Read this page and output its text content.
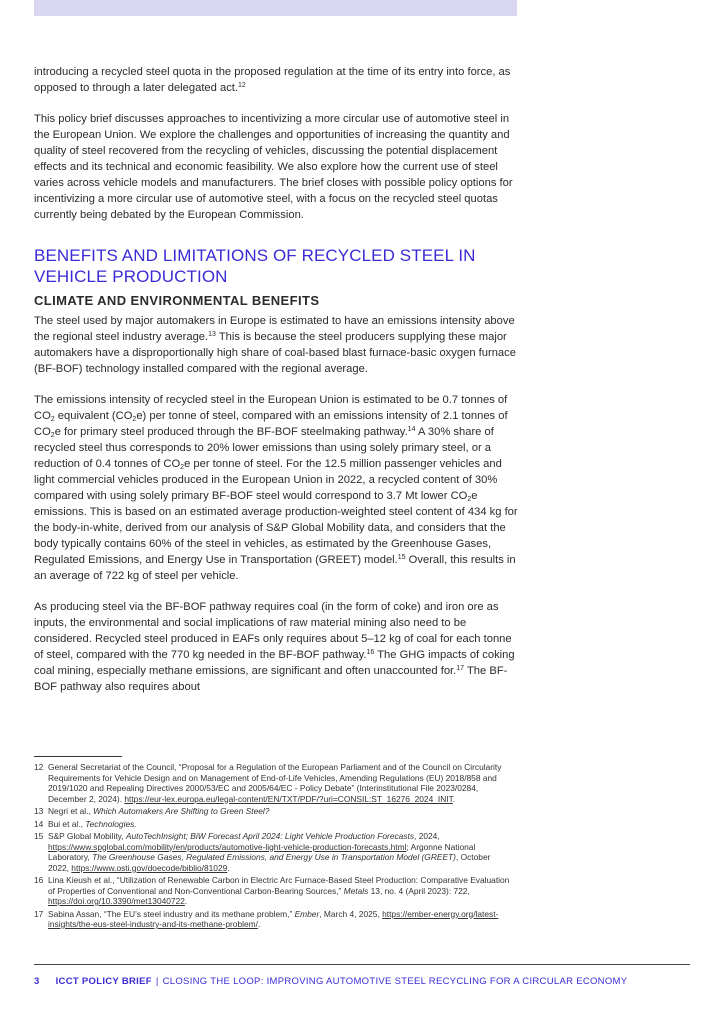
introducing a recycled steel quota in the proposed regulation at the time of its entry into force, as opposed to through a later delegated act.$^{12}$

This policy brief discusses approaches to incentivizing a more circular use of automotive steel in the European Union. We explore the challenges and opportunities of increasing the quantity and quality of steel recovered from the recycling of vehicles, discussing the potential displacement effects and its technical and economic feasibility. We also explore how the current use of steel varies across vehicle models and manufacturers. The brief closes with possible policy options for incentivizing a more circular use of automotive steel, with a focus on the recycled steel quotas currently being debated by the European Commission.

BENEFITS AND LIMITATIONS OF RECYCLED STEEL IN VEHICLE PRODUCTION
CLIMATE AND ENVIRONMENTAL BENEFITS

The steel used by major automakers in Europe is estimated to have an emissions intensity above the regional steel industry average.$^{13}$ This is because the steel producers supplying these major automakers have a disproportionally high share of coal-based blast furnace-basic oxygen furnace (BF-BOF) technology installed compared with the regional average.

The emissions intensity of recycled steel in the European Union is estimated to be 0.7 tonnes of $CO_2$ equivalent $(CO_2e)$ per tonne of steel, compared with an emissions intensity of 2.1 tonnes of $CO_2e$ for primary steel produced through the BF-BOF steelmaking pathway.$^{14}$ A 30% share of recycled steel thus corresponds to 20% lower emissions than using solely primary steel, or a reduction of 0.4 tonnes of $CO_2e$ per tonne of steel. For the 12.5 million passenger vehicles and light commercial vehicles produced in the European Union in 2022, a recycled content of 30% compared with using solely primary BF-BOF steel would correspond to 3.7 Mt lower $CO_2e$ emissions. This is based on an estimated average production-weighted steel content of 434 kg for the body-in-white, derived from our analysis of S&P Global Mobility data, and considers that the body typically contains 60% of the steel in vehicles, as estimated by the Greenhouse Gases, Regulated Emissions, and Energy Use in Transportation (GREET) model.$^{15}$ Overall, this results in an average of 722 kg of steel per vehicle.

As producing steel via the BF-BOF pathway requires coal (in the form of coke) and iron ore as inputs, the environmental and social implications of raw material mining also need to be considered. Recycled steel produced in EAFs only requires about 5–12 kg of coal for each tonne of steel, compared with the 770 kg needed in the BF-BOF pathway.$^{16}$ The GHG impacts of coking coal mining, especially methane emissions, are significant and often unaccounted for.$^{17}$ The BF-BOF pathway also requires about

12 General Secretariat of the Council, “Proposal for a Regulation of the European Parliament and of the Council on Circularity Requirements for Vehicle Design and on Management of End-of-Life Vehicles, Amending Regulations (EU) 2018/858 and 2019/1020 and Repealing Directives 2000/53/EC and 2005/64/EC - Policy Debate” (Interinstitutional File 2023/0284, December 2, 2024). https://eur-lex.europa.eu/legal-content/EN/TXT/PDF/?uri=CONSIL:ST_16276_2024_INIT.
13 Negri et al., Which Automakers Are Shifting to Green Steel?
14 Bui et al., Technologies.
15 S&P Global Mobility, AutoTechInsight; BiW Forecast April 2024: Light Vehicle Production Forecasts, 2024, https://www.spglobal.com/mobility/en/products/automotive-light-vehicle-production-forecasts.html; Argonne National Laboratory, The Greenhouse Gases, Regulated Emissions, and Energy Use in Transportation Model (GREET), October 2022, https://www.osti.gov/doecode/biblio/81029.
16 Lina Kieush et al., “Utilization of Renewable Carbon in Electric Arc Furnace-Based Steel Production: Comparative Evaluation of Properties of Conventional and Non-Conventional Carbon-Bearing Sources,” Metals 13, no. 4 (April 2023): 722, https://doi.org/10.3390/met13040722.
17 Sabina Assan, “The EU’s steel industry and its methane problem,” Ember, March 4, 2025, https://ember-energy.org/latest-insights/the-eus-steel-industry-and-its-methane-problem/.
3 ICCT POLICY BRIEF | CLOSING THE LOOP: IMPROVING AUTOMOTIVE STEEL RECYCLING FOR A CIRCULAR ECONOMY
